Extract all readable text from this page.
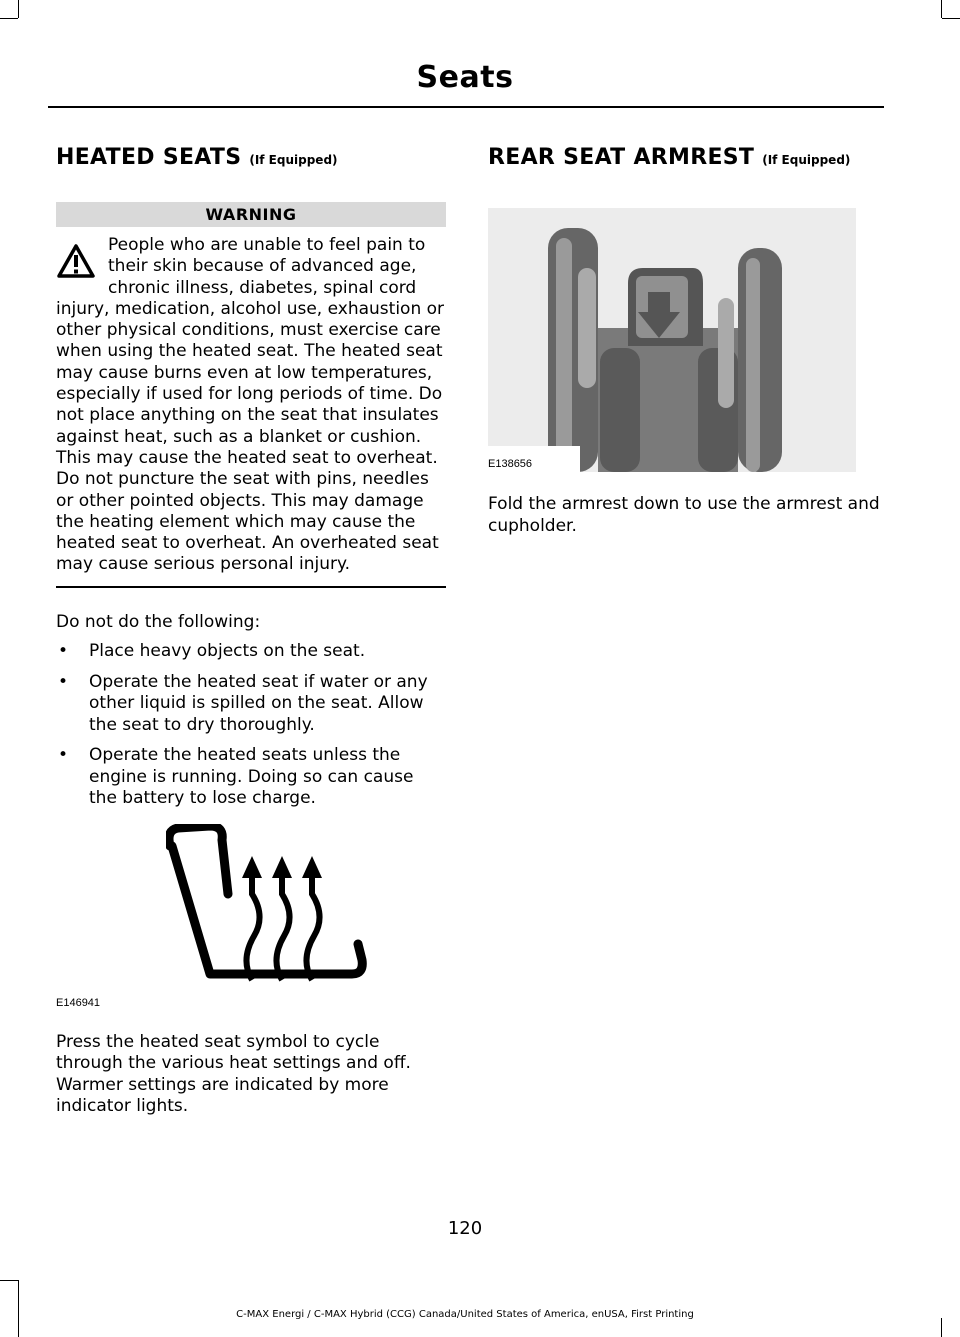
Seats
HEATED SEATS (If Equipped)
WARNING
People who are unable to feel pain to their skin because of advanced age, chronic illness, diabetes, spinal cord injury, medication, alcohol use, exhaustion or other physical conditions, must exercise care when using the heated seat. The heated seat may cause burns even at low temperatures, especially if used for long periods of time. Do not place anything on the seat that insulates against heat, such as a blanket or cushion. This may cause the heated seat to overheat. Do not puncture the seat with pins, needles or other pointed objects. This may damage the heating element which may cause the heated seat to overheat. An overheated seat may cause serious personal injury.

Do not do the following:

• Place heavy objects on the seat.
• Operate the heated seat if water or any other liquid is spilled on the seat. Allow the seat to dry thoroughly.
• Operate the heated seats unless the engine is running. Doing so can cause the battery to lose charge.
E146941

Press the heated seat symbol to cycle through the various heat settings and off. Warmer settings are indicated by more indicator lights.

REAR SEAT ARMREST (If Equipped)
E138656

Fold the armrest down to use the armrest and cupholder.

120
C-MAX Energi / C-MAX Hybrid (CCG) Canada/United States of America, enUSA, First Printing
